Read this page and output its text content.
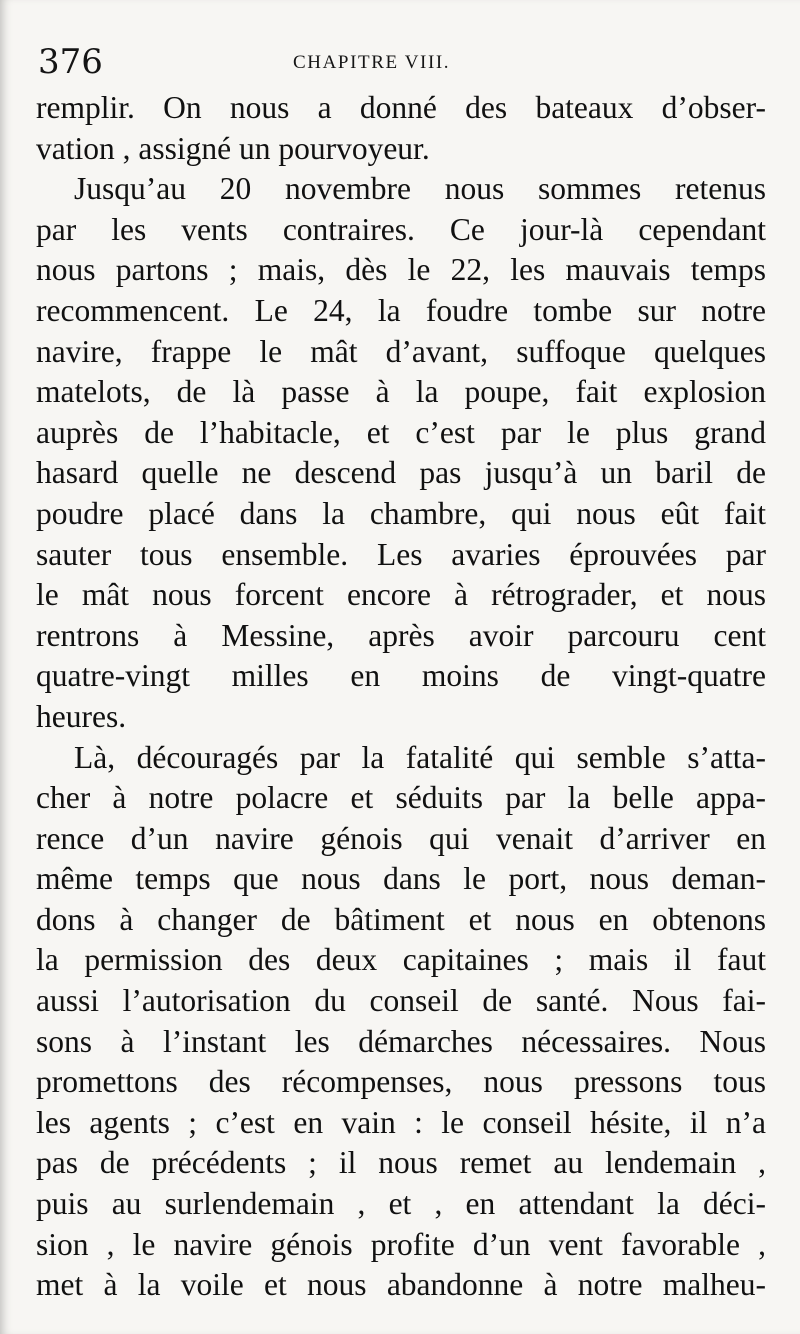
376	CHAPITRE VIII.
remplir. On nous a donné des bateaux d’obser-
vation , assigné un pourvoyeur.
Jusqu’au 20 novembre nous sommes retenus
par les vents contraires. Ce jour-là cependant
nous partons ; mais, dès le 22, les mauvais temps
recommencent. Le 24, la foudre tombe sur notre
navire, frappe le mât d’avant, suffoque quelques
matelots, de là passe à la poupe, fait explosion
auprès de l’habitacle, et c’est par le plus grand
hasard quelle ne descend pas jusqu’à un baril de
poudre placé dans la chambre, qui nous eût fait
sauter tous ensemble. Les avaries éprouvées par
le mât nous forcent encore à rétrograder, et nous
rentrons à Messine, après avoir parcouru cent
quatre-vingt milles en moins de vingt-quatre
heures.
Là, découragés par la fatalité qui semble s’atta-
cher à notre polacre et séduits par la belle appa-
rence d’un navire génois qui venait d’arriver en
même temps que nous dans le port, nous deman-
dons à changer de bâtiment et nous en obtenons
la permission des deux capitaines ; mais il faut
aussi l’autorisation du conseil de santé. Nous fai-
sons à l’instant les démarches nécessaires. Nous
promettons des récompenses, nous pressons tous
les agents ; c’est en vain : le conseil hésite, il n’a
pas de précédents ; il nous remet au lendemain ,
puis au surlendemain , et , en attendant la déci-
sion , le navire génois profite d’un vent favorable ,
met à la voile et nous abandonne à notre malheu-
